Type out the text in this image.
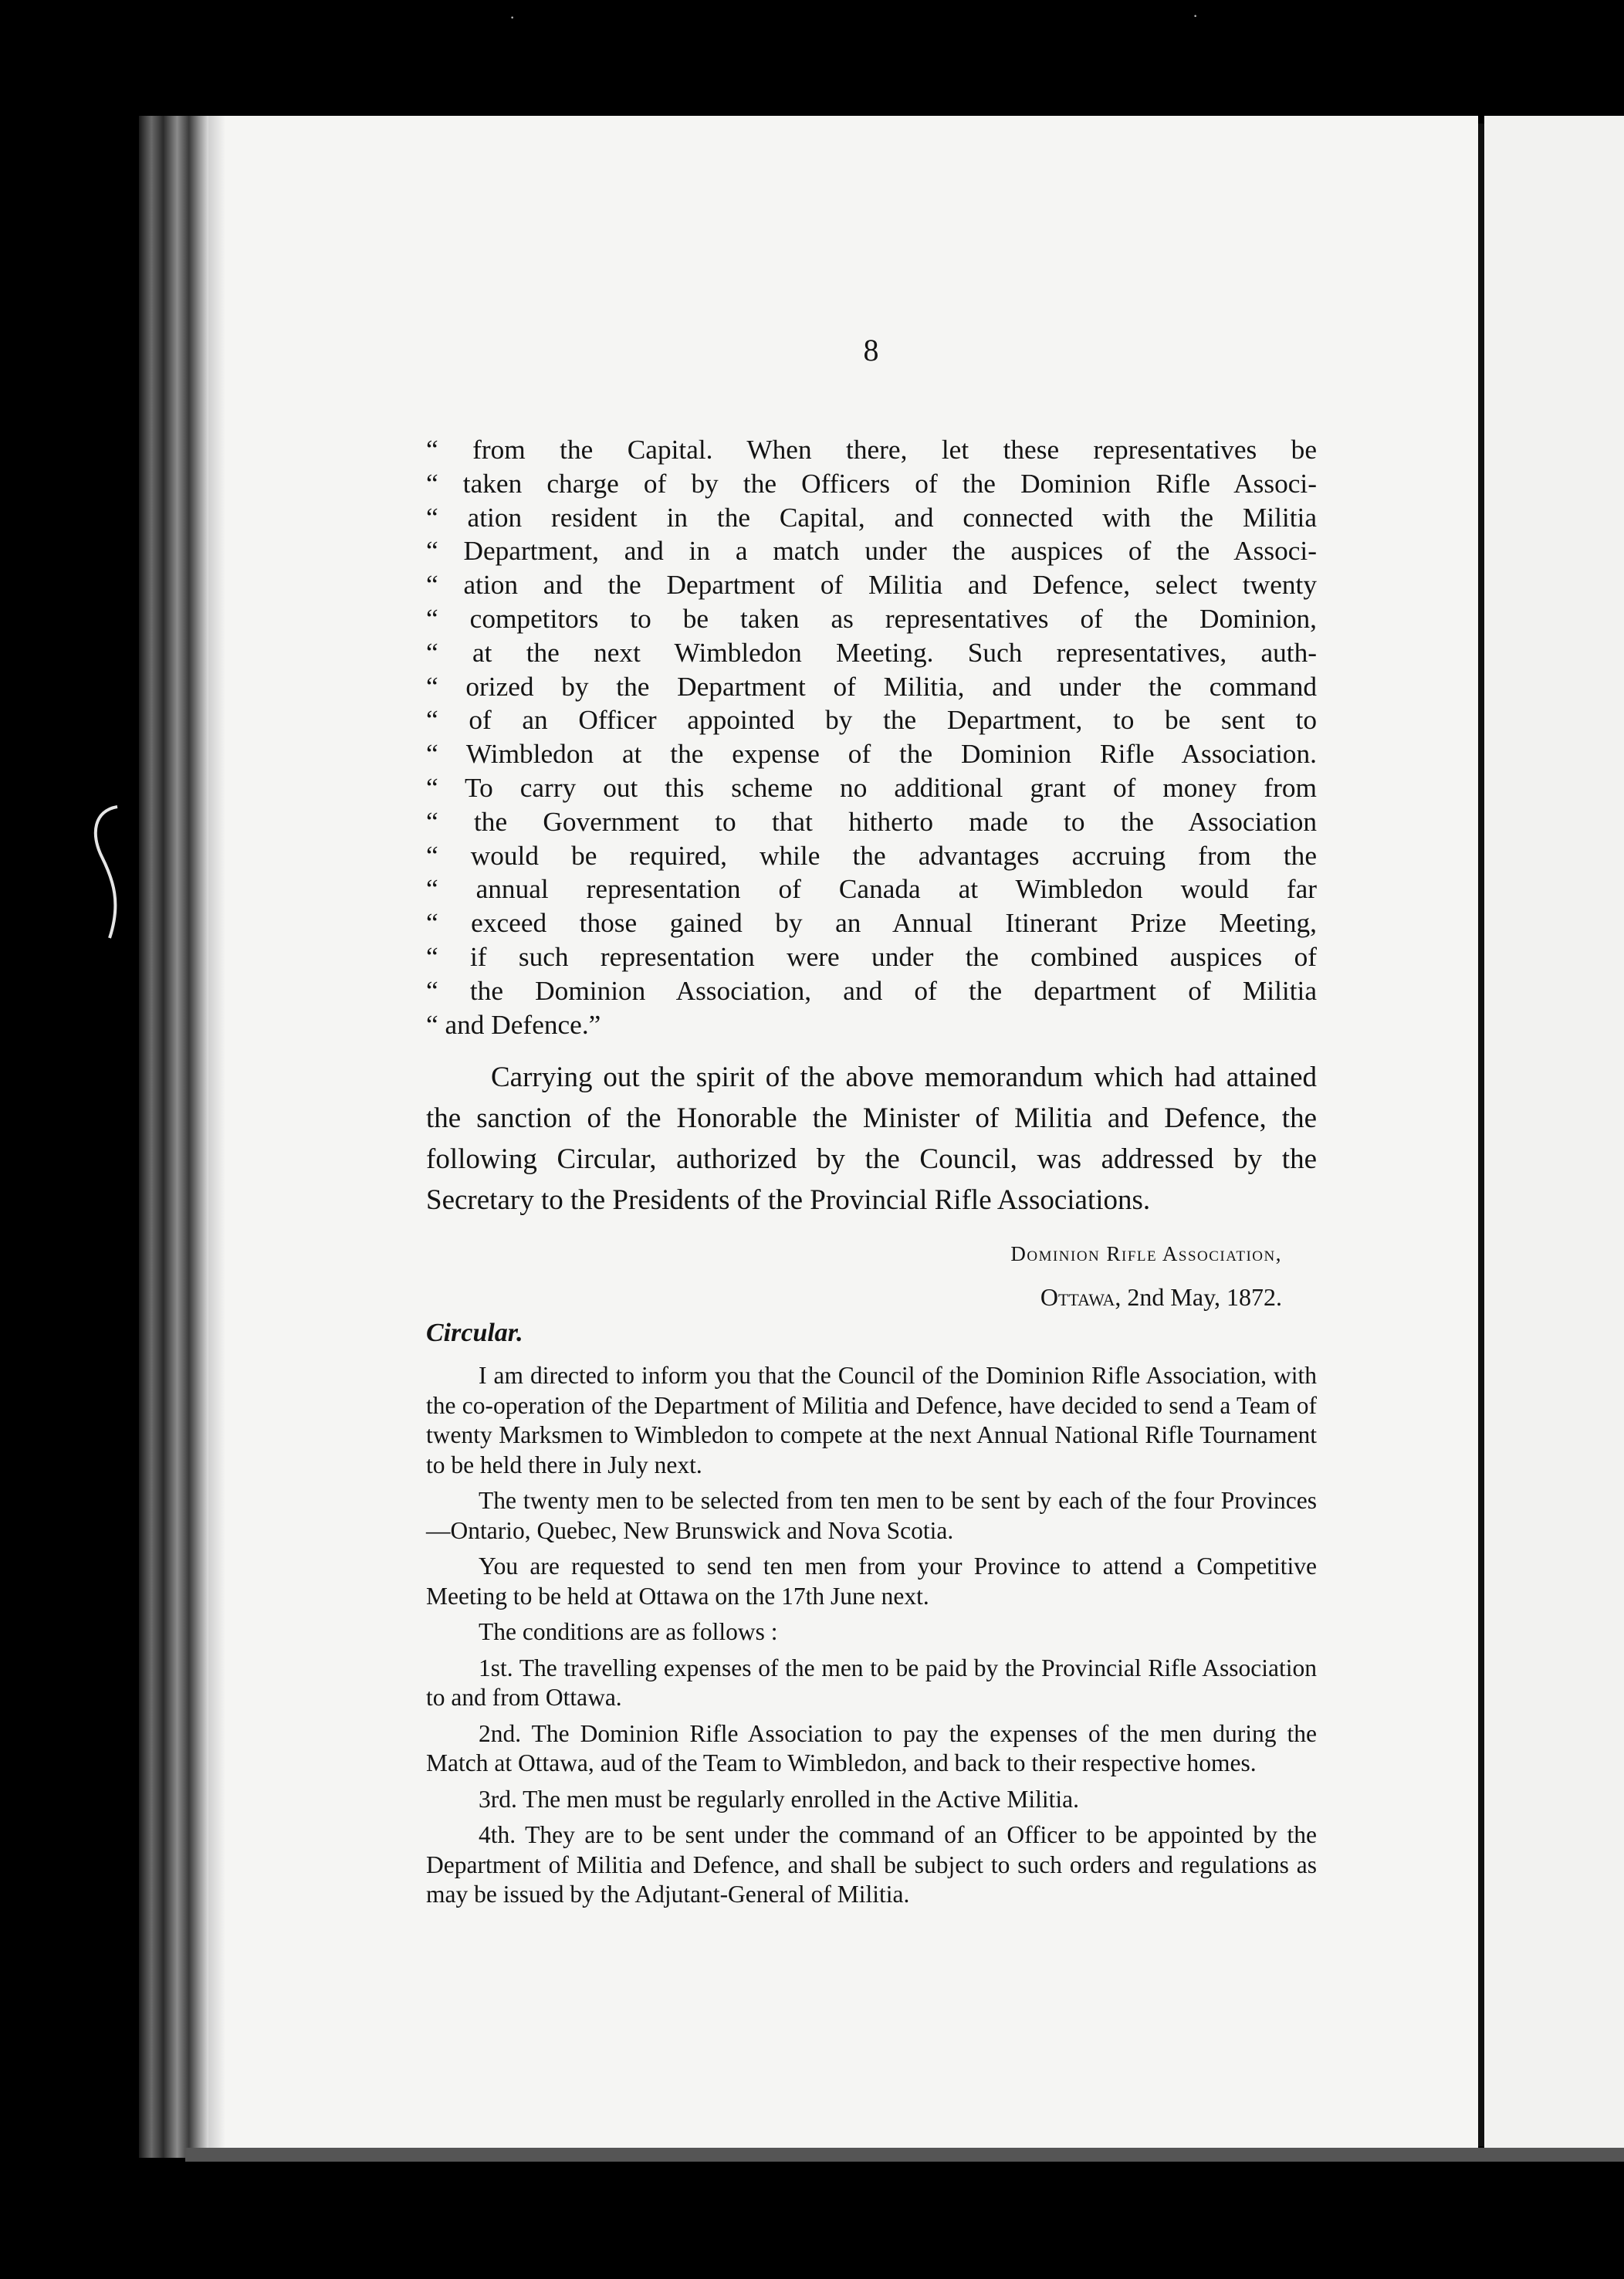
·	·
8
“ from the Capital. When there, let these representatives be
“ taken charge of by the Officers of the Dominion Rifle Associ-
“ ation resident in the Capital, and connected with the Militia
“ Department, and in a match under the auspices of the Associ-
“ ation and the Department of Militia and Defence, select twenty
“ competitors to be taken as representatives of the Dominion,
“ at the next Wimbledon Meeting. Such representatives, auth-
“ orized by the Department of Militia, and under the command
“ of an Officer appointed by the Department, to be sent to
“ Wimbledon at the expense of the Dominion Rifle Association.
“ To carry out this scheme no additional grant of money from
“ the Government to that hitherto made to the Association
“ would be required, while the advantages accruing from the
“ annual representation of Canada at Wimbledon would far
“ exceed those gained by an Annual Itinerant Prize Meeting,
“ if such representation were under the combined auspices of
“ the Dominion Association, and of the department of Militia
“ and Defence.”

Carrying out the spirit of the above memorandum which had attained the sanction of the Honorable the Minister of Militia and Defence, the following Circular, authorized by the Council, was addressed by the Secretary to the Presidents of the Provincial Rifle Associations.

Dominion Rifle Association,
Ottawa, 2nd May, 1872.
Circular.

I am directed to inform you that the Council of the Dominion Rifle Association, with the co-operation of the Department of Militia and Defence, have decided to send a Team of twenty Marksmen to Wimbledon to compete at the next Annual National Rifle Tournament to be held there in July next.

The twenty men to be selected from ten men to be sent by each of the four Provinces—Ontario, Quebec, New Brunswick and Nova Scotia.

You are requested to send ten men from your Province to attend a Competitive Meeting to be held at Ottawa on the 17th June next.

The conditions are as follows :

1st. The travelling expenses of the men to be paid by the Provincial Rifle Association to and from Ottawa.

2nd. The Dominion Rifle Association to pay the expenses of the men during the Match at Ottawa, aud of the Team to Wimbledon, and back to their respective homes.

3rd. The men must be regularly enrolled in the Active Militia.

4th. They are to be sent under the command of an Officer to be appointed by the Department of Militia and Defence, and shall be subject to such orders and regulations as may be issued by the Adjutant-General of Militia.
